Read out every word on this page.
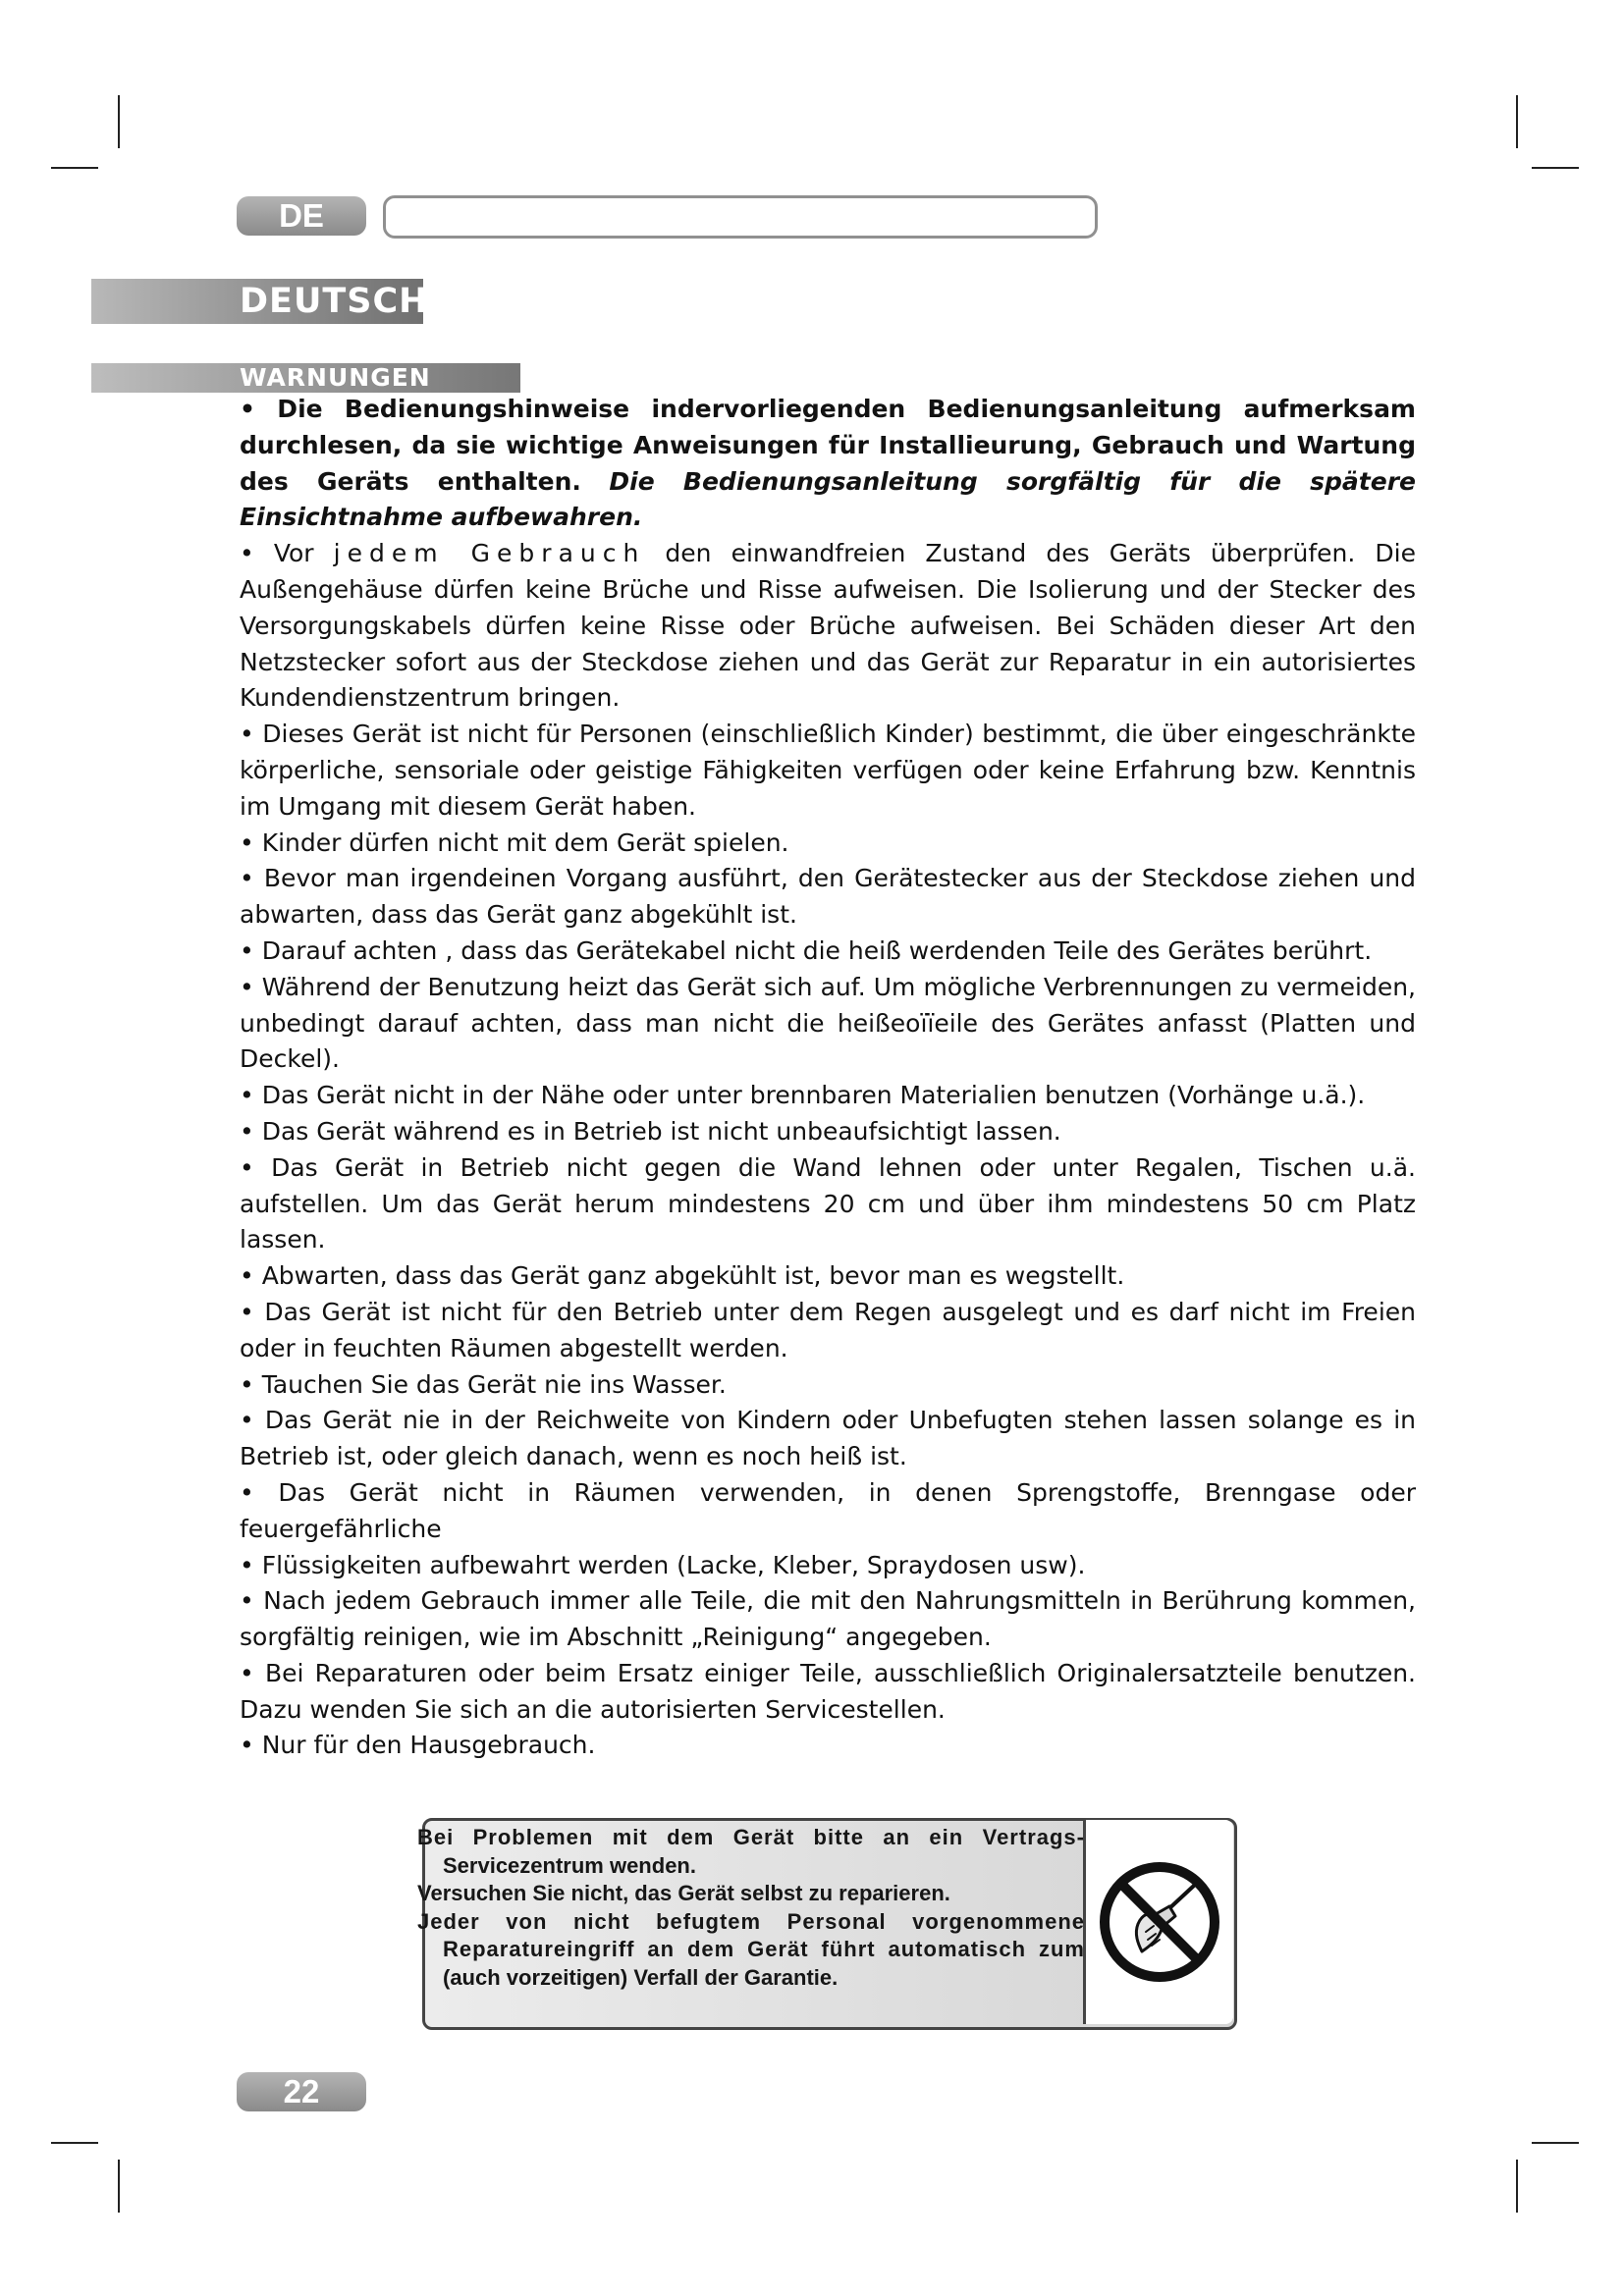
DE
DEUTSCH
WARNUNGEN

• Die Bedienungshinweise indervorliegenden Bedienungsanleitung aufmerksam durchlesen, da sie wichtige Anweisungen für Installieurung, Gebrauch und Wartung des Geräts enthalten. Die Bedienungsanleitung sorgfältig für die spätere Einsichtnahme aufbewahren.

• Vor jedem Gebrauch den einwandfreien Zustand des Geräts überprüfen. Die Außengehäuse dürfen keine Brüche und Risse aufweisen. Die Isolierung und der Stecker des Versorgungskabels dürfen keine Risse oder Brüche aufweisen. Bei Schäden dieser Art den Netzstecker sofort aus der Steckdose ziehen und das Gerät zur Reparatur in ein autorisiertes Kundendienstzentrum bringen.

• Dieses Gerät ist nicht für Personen (einschließlich Kinder) bestimmt, die über eingeschränkte körperliche, sensoriale oder geistige Fähigkeiten verfügen oder keine Erfahrung bzw. Kenntnis im Umgang mit diesem Gerät haben.

• Kinder dürfen nicht mit dem Gerät spielen.

• Bevor man irgendeinen Vorgang ausführt, den Gerätestecker aus der Steckdose ziehen und abwarten, dass das Gerät ganz abgekühlt ist.

• Darauf achten , dass das Gerätekabel nicht die heiß werdenden Teile des Gerätes berührt.

• Während der Benutzung heizt das Gerät sich auf. Um mögliche Verbrennungen zu vermeiden, unbedingt darauf achten, dass man nicht die heißeoïïeile des Gerätes anfasst (Platten und Deckel).

• Das Gerät nicht in der Nähe oder unter brennbaren Materialien benutzen (Vorhänge u.ä.).

• Das Gerät während es in Betrieb ist nicht unbeaufsichtigt lassen.

• Das Gerät in Betrieb nicht gegen die Wand lehnen oder unter Regalen, Tischen u.ä. aufstellen. Um das Gerät herum mindestens 20 cm und über ihm mindestens 50 cm Platz lassen.

• Abwarten, dass das Gerät ganz abgekühlt ist, bevor man es wegstellt.

• Das Gerät ist nicht für den Betrieb unter dem Regen ausgelegt und es darf nicht im Freien oder in feuchten Räumen abgestellt werden.

• Tauchen Sie das Gerät nie ins Wasser.

• Das Gerät nie in der Reichweite von Kindern oder Unbefugten stehen lassen solange es in Betrieb ist, oder gleich danach, wenn es noch heiß ist.

• Das Gerät nicht in Räumen verwenden, in denen Sprengstoffe, Brenngase oder feuergefährliche

• Flüssigkeiten aufbewahrt werden (Lacke, Kleber, Spraydosen usw).

• Nach jedem Gebrauch immer alle Teile, die mit den Nahrungsmitteln in Berührung kommen, sorgfältig reinigen, wie im Abschnitt „Reinigung“ angegeben.

• Bei Reparaturen oder beim Ersatz einiger Teile, ausschließlich Originalersatzteile benutzen. Dazu wenden Sie sich an die autorisierten Servicestellen.

• Nur für den Hausgebrauch.

Bei Problemen mit dem Gerät bitte an ein Vertrags-

Servicezentrum wenden.

Versuchen Sie nicht, das Gerät selbst zu reparieren.

Jeder von nicht befugtem Personal vorgenommene

Reparatureingriff an dem Gerät führt automatisch zum

(auch vorzeitigen) Verfall der Garantie.

22
